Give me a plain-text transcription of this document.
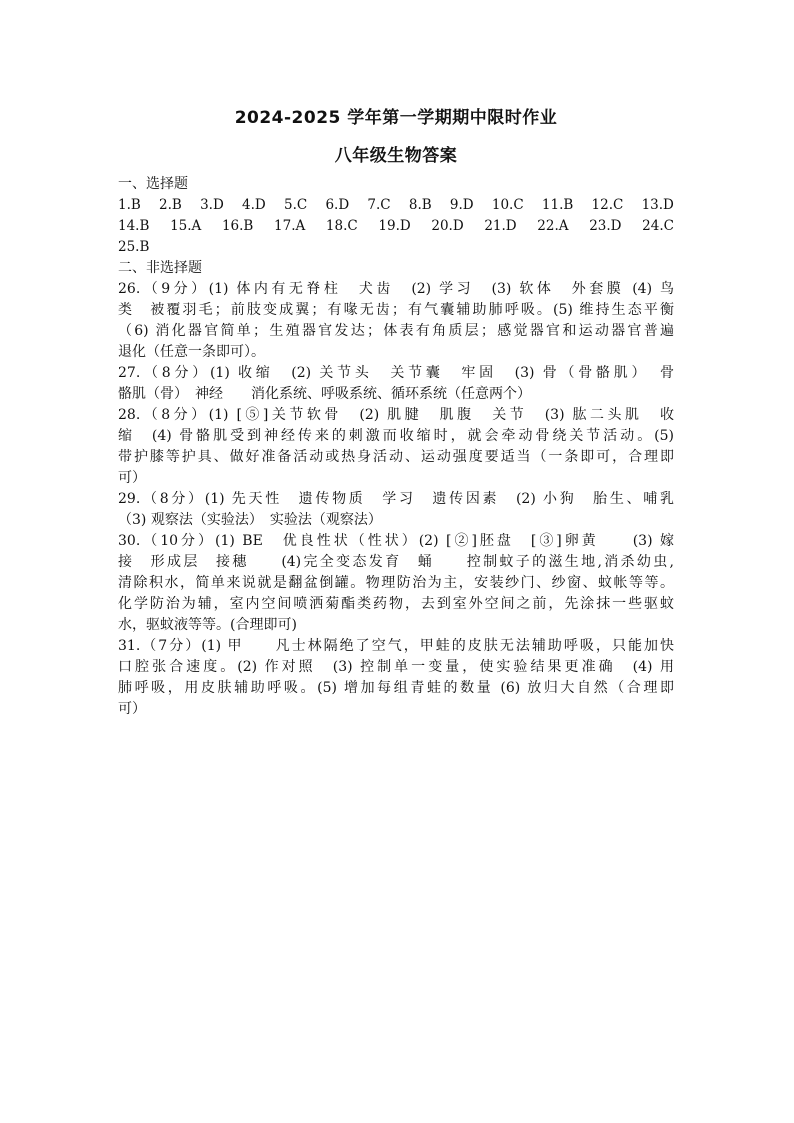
2024-2025 学年第一学期期中限时作业
八年级生物答案
一、选择题
1.B 2.B 3.D 4.D 5.C 6.D 7.C 8.B 9.D 10.C 11.B 12.C 13.D
14.B 15.A 16.B 17.A 18.C 19.D 20.D 21.D 22.A 23.D 24.C
25.B
二、非选择题
26.（9分）(1) 体内有无脊柱　犬齿　(2) 学习　(3) 软体　外套膜 (4) 鸟
类　被覆羽毛；前肢变成翼；有喙无齿；有气囊辅助肺呼吸。(5) 维持生态平衡
（6) 消化器官简单；生殖器官发达；体表有角质层；感觉器官和运动器官普遍
退化（任意一条即可）。
27.（8分）(1) 收缩　(2) 关节头　关节囊　牢固　(3) 骨（骨骼肌）　骨
骼肌（骨）　神经　　消化系统、呼吸系统、循环系统（任意两个）
28.（8分）(1) [⑤]关节软骨　(2) 肌腱　肌腹　关节　(3) 肱二头肌　收
缩　(4) 骨骼肌受到神经传来的刺激而收缩时，就会牵动骨绕关节活动。(5)
带护膝等护具、做好准备活动或热身活动、运动强度要适当（一条即可，合理即
可）
29.（8分）(1) 先天性　遗传物质　学习　遗传因素　(2) 小狗　胎生、哺乳
（3) 观察法（实验法）　实验法（观察法）
30.（10分）(1) BE　优良性状（性状）(2) [②]胚盘　[③]卵黄　　(3) 嫁
接　形成层　接穗　　(4)完全变态发育　蛹　　控制蚊子的滋生地,消杀幼虫,
清除积水，简单来说就是翻盆倒罐。物理防治为主，安装纱门、纱窗、蚊帐等等。
化学防治为辅，室内空间喷洒菊酯类药物，去到室外空间之前，先涂抹一些驱蚊
水，驱蚊液等等。(合理即可)
31.（7分）(1) 甲　　凡士林隔绝了空气，甲蛙的皮肤无法辅助呼吸，只能加快
口腔张合速度。(2) 作对照　(3) 控制单一变量，使实验结果更准确　(4) 用
肺呼吸，用皮肤辅助呼吸。(5) 增加每组青蛙的数量 (6) 放归大自然（合理即
可）
